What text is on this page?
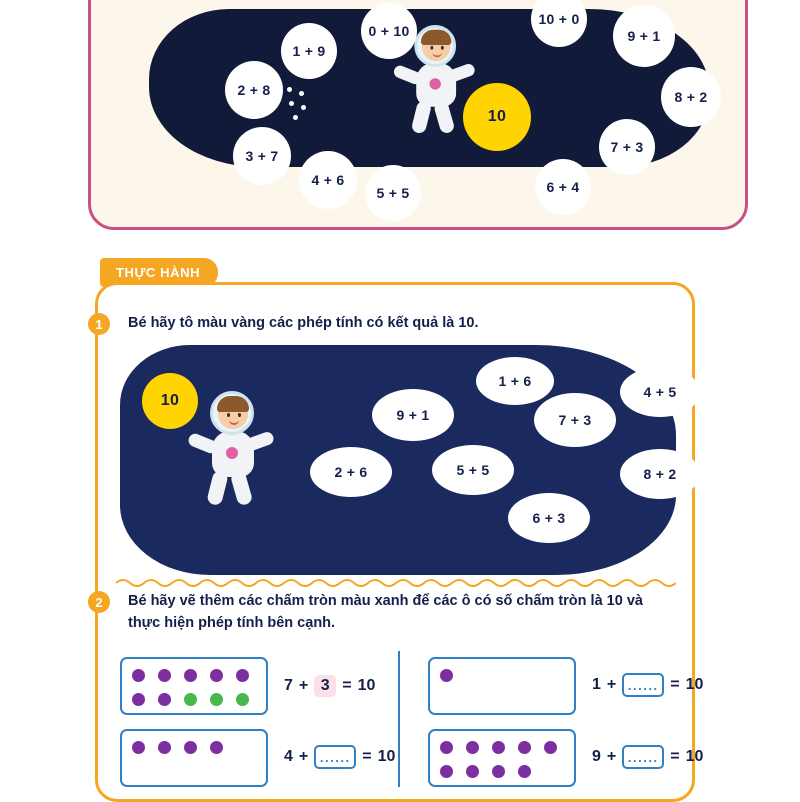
10
1 + 9
0 + 10
10 + 0
9 + 1
2 + 8	8 + 2
3 + 7
7 + 3
4 + 6
5 + 5	6 + 4
THỰC HÀNH
1	Bé hãy tô màu vàng các phép tính có kết quả là 10.
10
1 + 6
4 + 5
9 + 1	7 + 3
2 + 6	5 + 5	8 + 2
6 + 3
2	Bé hãy vẽ thêm các chấm tròn màu xanh để các ô có số chấm tròn là 10 và thực hiện phép tính bên cạnh.
7 + 3 = 10	1 + ...... = 10
4 + ...... = 10	9 + ...... = 10
